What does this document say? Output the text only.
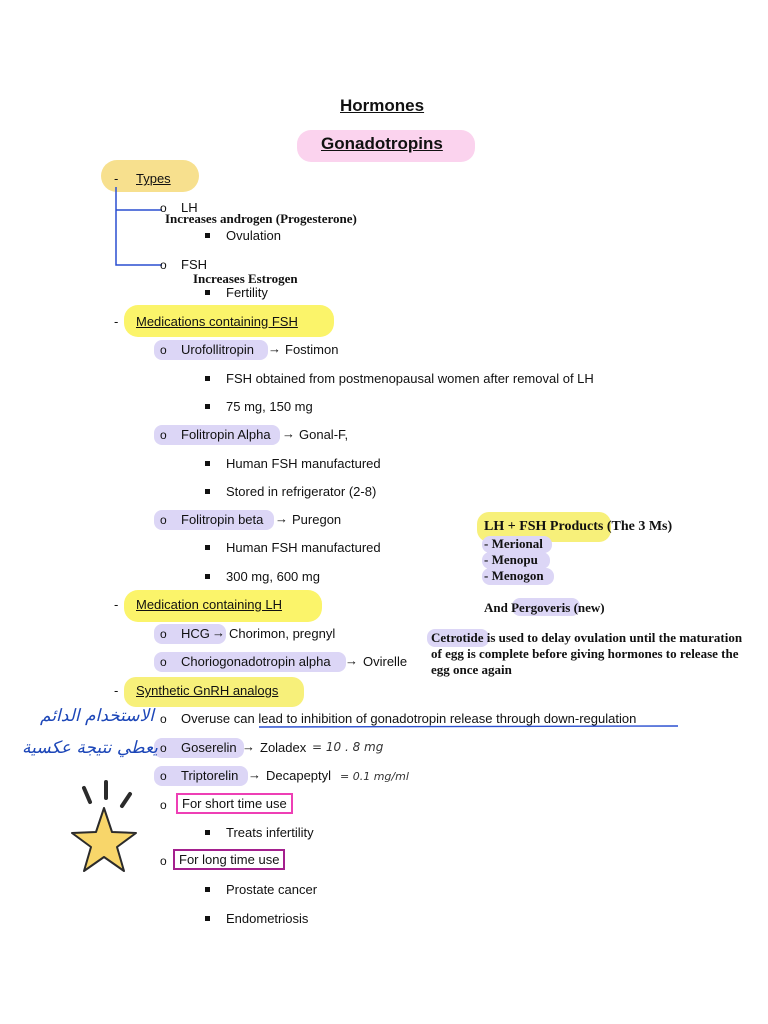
Hormones
Gonadotropins
- Types
o LH
Increases androgen (Progesterone)
Ovulation
o FSH
Increases Estrogen
Fertility
- Medications containing FSH
o Urofollitropin → Fostimon
FSH obtained from postmenopausal women after removal of LH
75 mg, 150 mg
o Folitropin Alpha → Gonal-F,
Human FSH manufactured
Stored in refrigerator (2-8)
o Folitropin beta → Puregon
Human FSH manufactured
300 mg, 600 mg
- Medication containing LH
o HCG → Chorimon, pregnyl
o Choriogonadotropin alpha → Ovirelle
- Synthetic GnRH analogs
o Overuse can lead to inhibition of gonadotropin release through down-regulation
o Goserelin → Zoladex = 10 . 8 mg
o Triptorelin → Decapeptyl = 0.1 mg/ml
o	For short time use
Treats infertility
o For long time use
Prostate cancer
Endometriosis
الاستخدام الدائم
يعطي نتيجة عكسية
LH + FSH Products (The 3 Ms)
- Merional
- Menopu
- Menogon
And Pergoveris (new)
Cetrotide is used to delay ovulation until the maturation
of egg is complete before giving hormones to release the
egg once again
